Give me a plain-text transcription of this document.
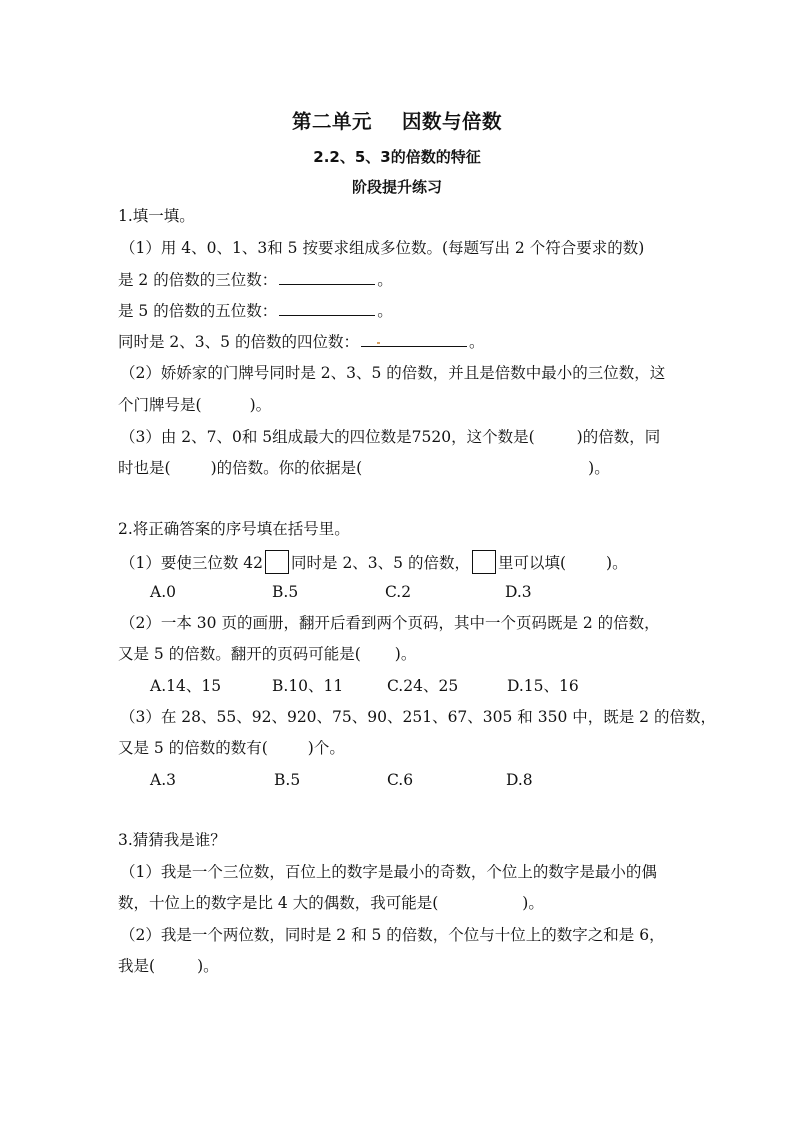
第二单元 因数与倍数
2.2、5、3的倍数的特征
阶段提升练习
1.填一填。
（1）用 4、0、1、3和 5 按要求组成多位数。(每题写出 2 个符合要求的数)
是 2 的倍数的三位数：	。
是 5 的倍数的五位数：	。
同时是 2、3、5 的倍数的四位数：	。
（2）娇娇家的门牌号同时是 2、3、5 的倍数，并且是倍数中最小的三位数，这
个门牌号是(	)。
（3）由 2、7、0和 5组成最大的四位数是7520，这个数是(	)的倍数，同
时也是(	)的倍数。你的依据是(	)。
2.将正确答案的序号填在括号里。
（1）要使三位数 42 同时是 2、3、5 的倍数， 里可以填(	)。
A.0	B.5	C.2	D.3
（2）一本 30 页的画册，翻开后看到两个页码，其中一个页码既是 2 的倍数，
又是 5 的倍数。翻开的页码可能是( )。
A.14、15	B.10、11	C.24、25	D.15、16
（3）在 28、55、92、920、75、90、251、67、305 和 350 中，既是 2 的倍数，
又是 5 的倍数的数有(	)个。
A.3	B.5	C.6	D.8
3.猜猜我是谁？
（1）我是一个三位数，百位上的数字是最小的奇数，个位上的数字是最小的偶
数，十位上的数字是比 4 大的偶数，我可能是(	)。
（2）我是一个两位数，同时是 2 和 5 的倍数，个位与十位上的数字之和是 6，
我是(	)。
